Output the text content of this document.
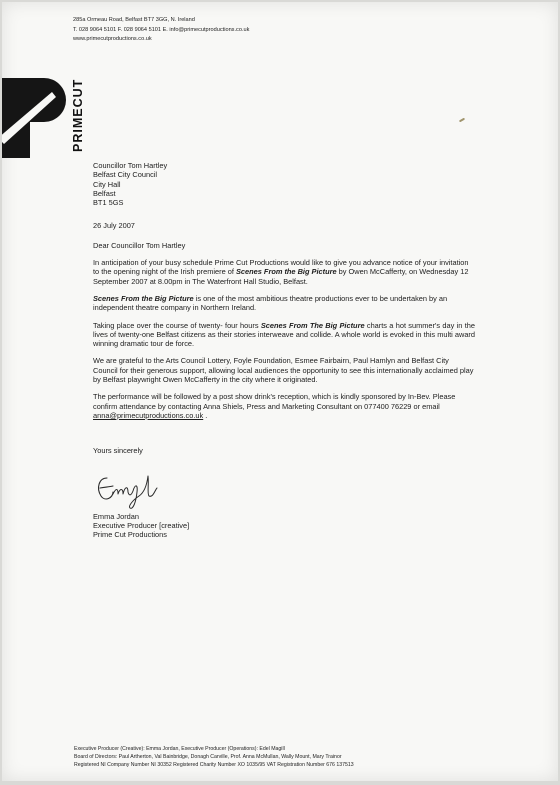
285a Ormeau Road, Belfast BT7 3GG, N. Ireland
T. 028 9064 5101 F. 028 9064 5101 E. info@primecutproductions.co.uk
www.primecutproductions.co.uk
PRIMECUT
Councillor Tom Hartley
Belfast City Council
City Hall
Belfast
BT1 5GS

26 July 2007

Dear Councillor Tom Hartley

In anticipation of your busy schedule Prime Cut Productions would like to give you advance notice of your invitation to the opening night of the Irish premiere of Scenes From the Big Picture by Owen McCafferty, on Wednesday 12 September 2007 at 8.00pm in The Waterfront Hall Studio, Belfast.

Scenes From the Big Picture is one of the most ambitious theatre productions ever to be undertaken by an independent theatre company in Northern Ireland.

Taking place over the course of twenty- four hours Scenes From The Big Picture charts a hot summer's day in the lives of twenty-one Belfast citizens as their stories interweave and collide. A whole world is evoked in this multi award winning dramatic tour de force.

We are grateful to the Arts Council Lottery, Foyle Foundation, Esmee Fairbairn, Paul Hamlyn and Belfast City Council for their generous support, allowing local audiences the opportunity to see this internationally acclaimed play by Belfast playwright Owen McCafferty in the city where it originated.

The performance will be followed by a post show drink's reception, which is kindly sponsored by In-Bev. Please confirm attendance by contacting Anna Shiels, Press and Marketing Consultant on 077400 76229 or email anna@primecutproductions.co.uk .

Yours sincerely

Emma Jordan
Executive Producer [creative]
Prime Cut Productions
Executive Producer (Creative): Emma Jordan, Executive Producer (Operations): Edel Magill
Board of Directors: Paul Artherton, Val Bainbridge, Donagh Carville, Prof. Anna McMullan, Wally Mount, Mary Trainor
Registered NI Company Number NI 30352 Registered Charity Number XO 1035/95 VAT Registration Number 676 137513
